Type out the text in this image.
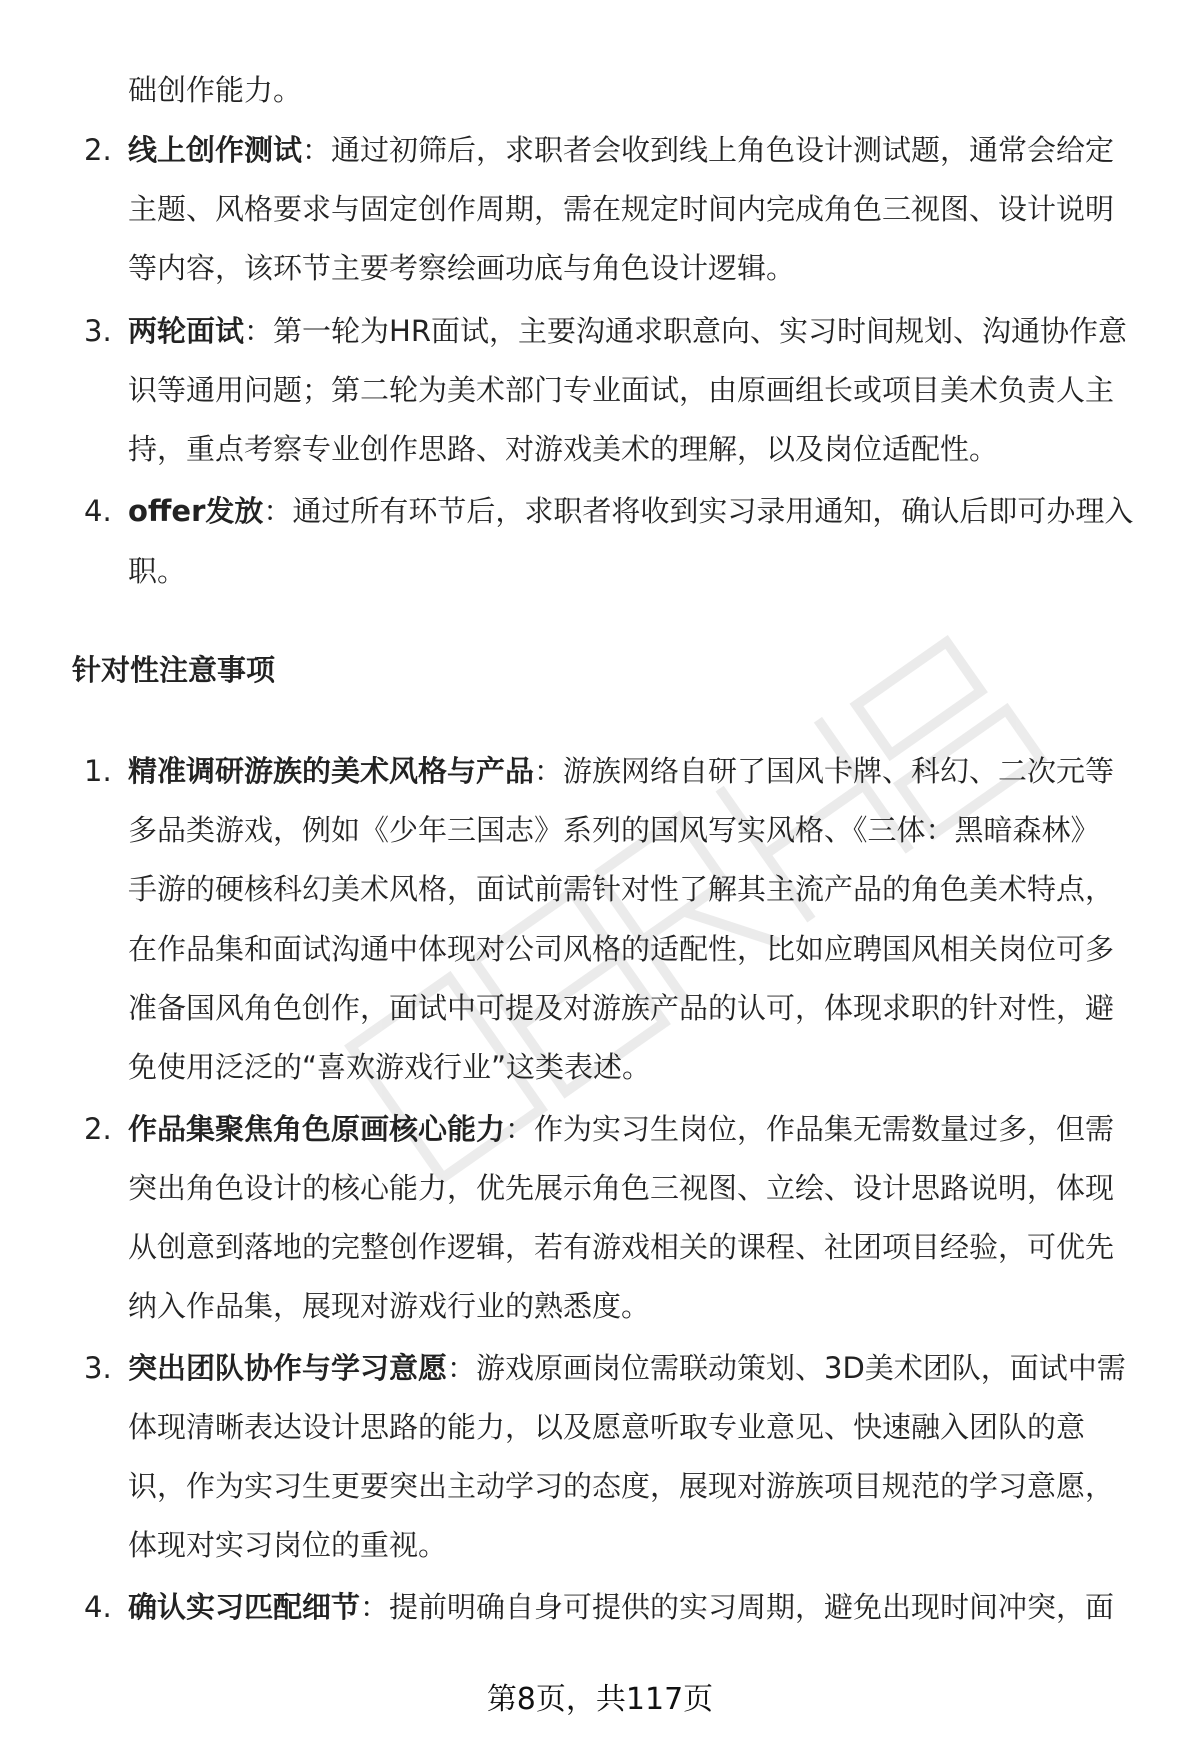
础创作能力。
2. 线上创作测试：通过初筛后，求职者会收到线上角色设计测试题，通常会给定
主题、风格要求与固定创作周期，需在规定时间内完成角色三视图、设计说明
等内容，该环节主要考察绘画功底与角色设计逻辑。
3. 两轮面试：第一轮为HR面试，主要沟通求职意向、实习时间规划、沟通协作意
识等通用问题；第二轮为美术部门专业面试，由原画组长或项目美术负责人主
持，重点考察专业创作思路、对游戏美术的理解，以及岗位适配性。
4. offer发放：通过所有环节后，求职者将收到实习录用通知，确认后即可办理入
职。
针对性注意事项
1. 精准调研游族的美术风格与产品：游族网络自研了国风卡牌、科幻、二次元等
多品类游戏，例如《少年三国志》系列的国风写实风格、《三体：黑暗森林》
手游的硬核科幻美术风格，面试前需针对性了解其主流产品的角色美术特点，
在作品集和面试沟通中体现对公司风格的适配性，比如应聘国风相关岗位可多
准备国风角色创作，面试中可提及对游族产品的认可，体现求职的针对性，避
免使用泛泛的“喜欢游戏行业”这类表述。
2. 作品集聚焦角色原画核心能力：作为实习生岗位，作品集无需数量过多，但需
突出角色设计的核心能力，优先展示角色三视图、立绘、设计思路说明，体现
从创意到落地的完整创作逻辑，若有游戏相关的课程、社团项目经验，可优先
纳入作品集，展现对游戏行业的熟悉度。
3. 突出团队协作与学习意愿：游戏原画岗位需联动策划、3D美术团队，面试中需
体现清晰表达设计思路的能力，以及愿意听取专业意见、快速融入团队的意
识，作为实习生更要突出主动学习的态度，展现对游族项目规范的学习意愿，
体现对实习岗位的重视。
4. 确认实习匹配细节：提前明确自身可提供的实习周期，避免出现时间冲突，面
第8页，共117页
